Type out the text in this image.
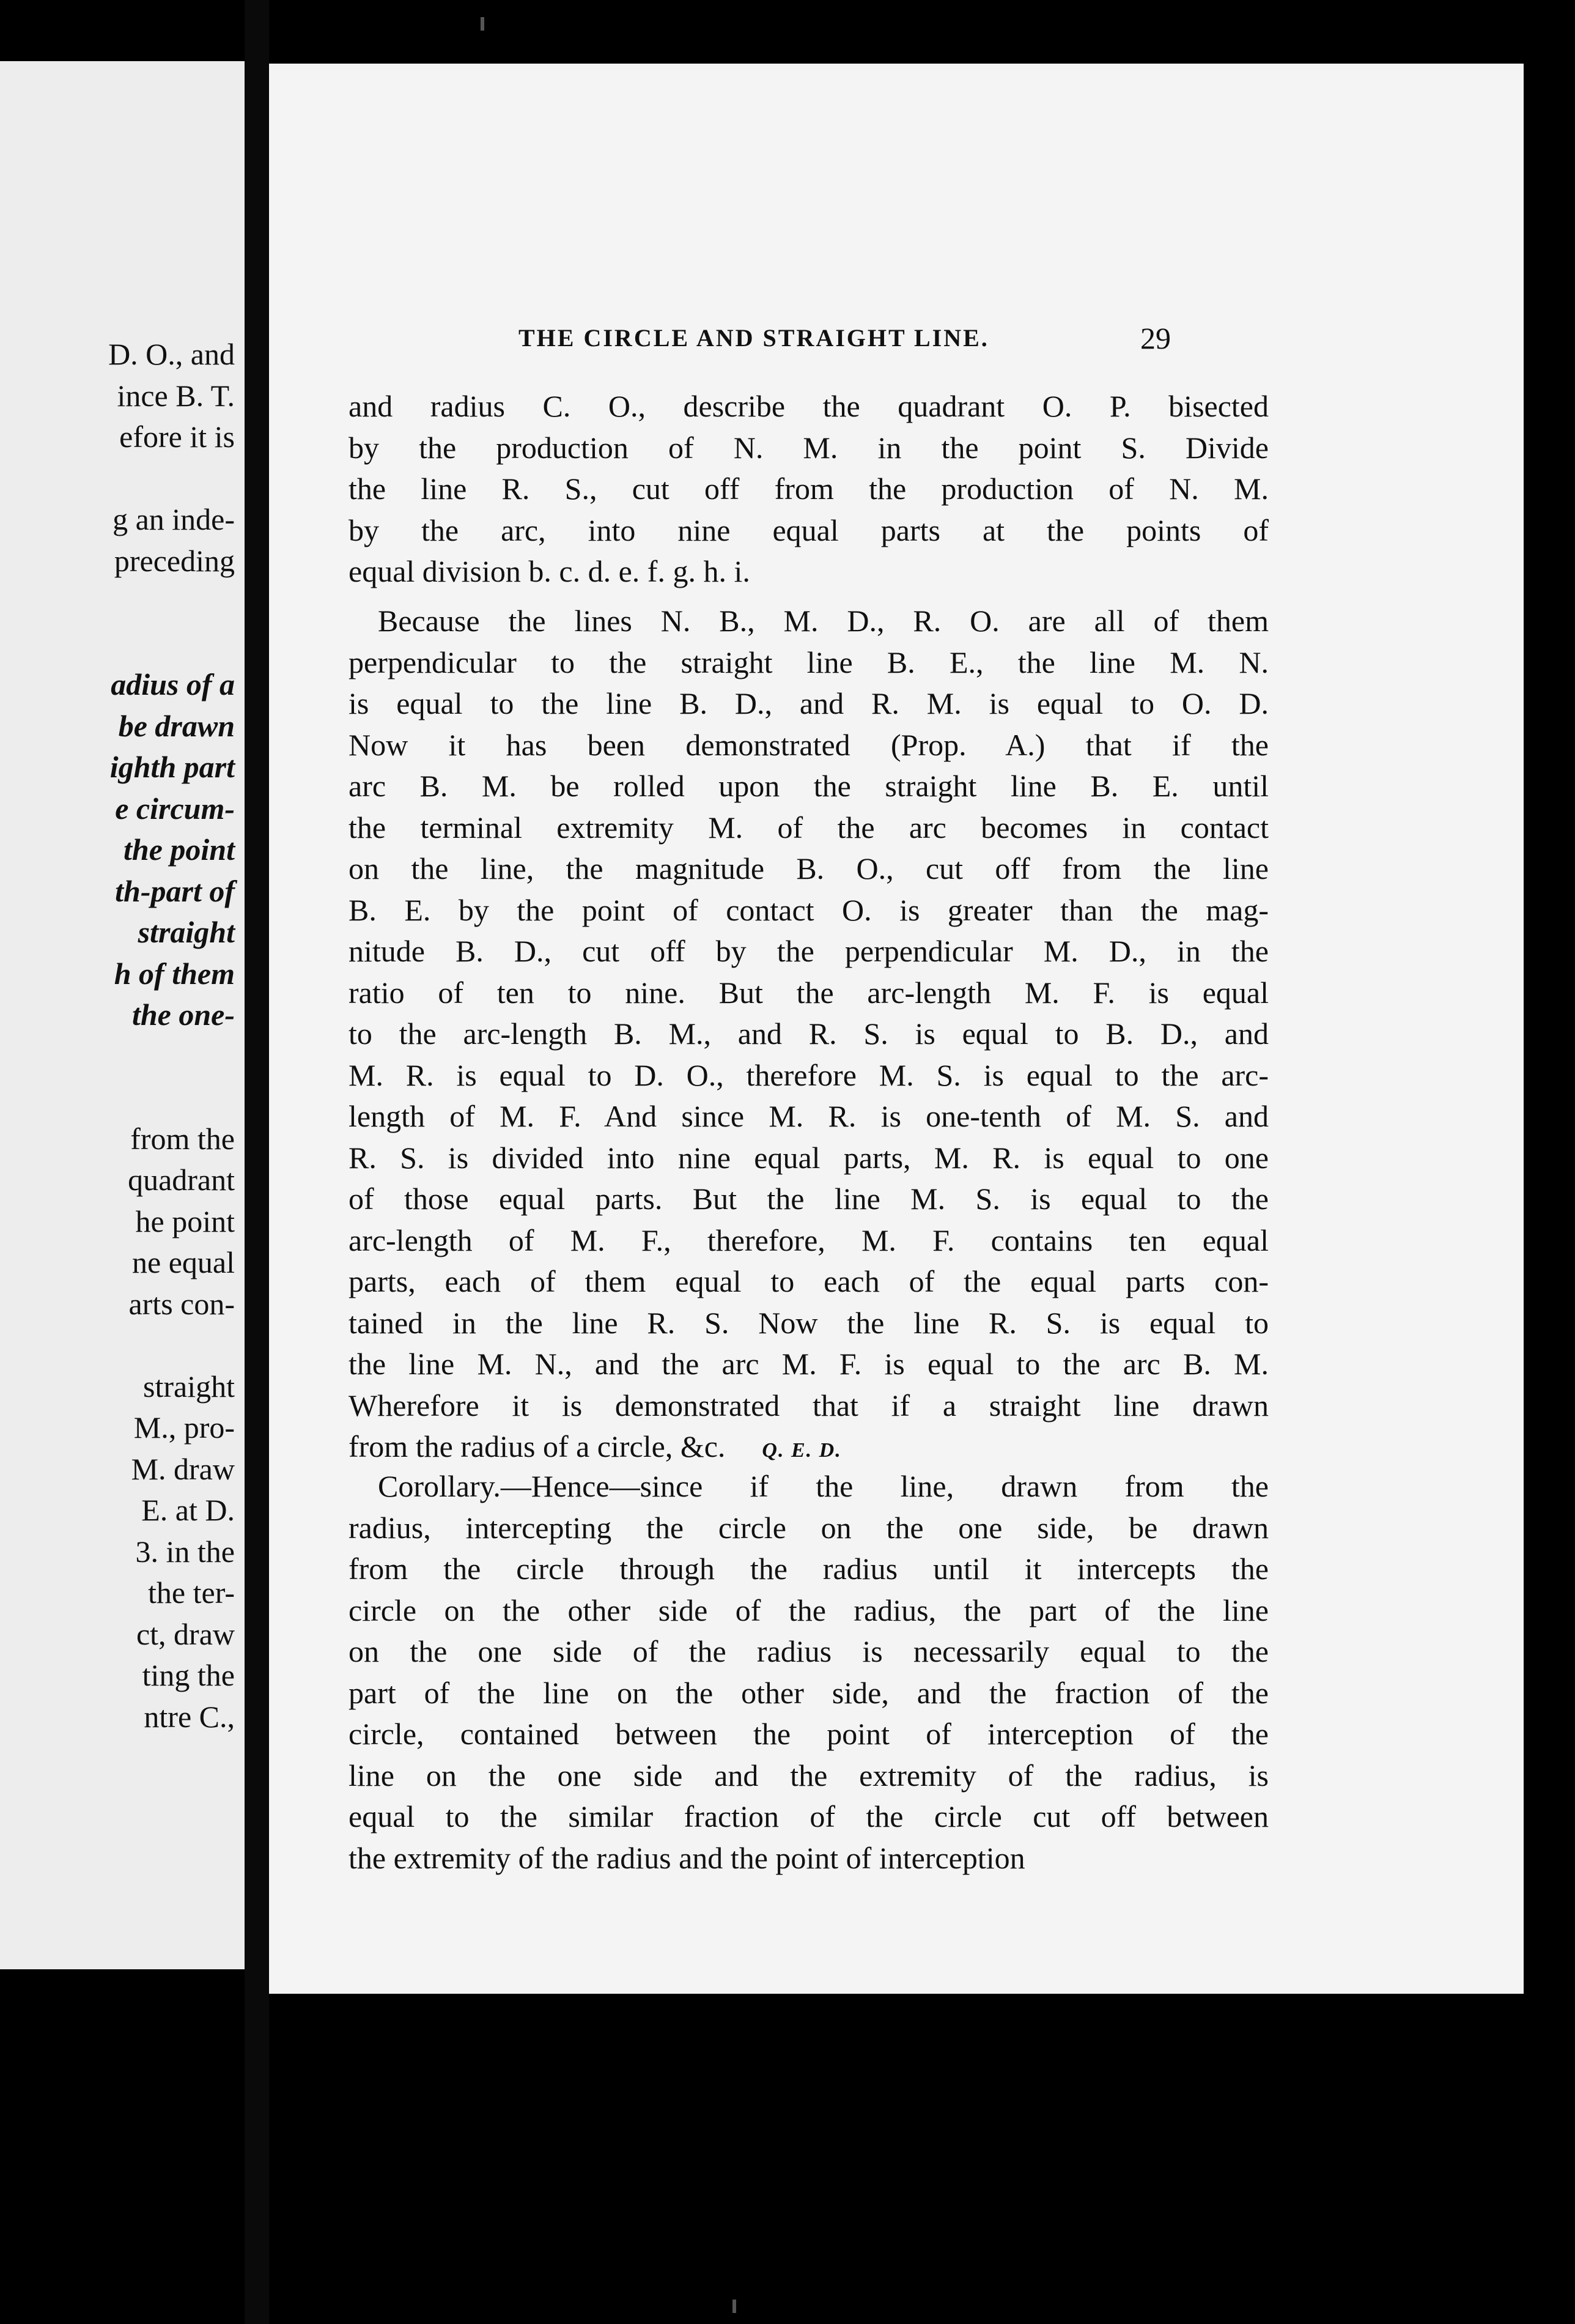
D. O., and
ince B. T.
efore it is
g an inde-
preceding
adius of a
be drawn
ighth part
e circum-
the point
th-part of
straight
h of them
the one-
from the
quadrant
he point
ne equal
arts con-
straight
M., pro-
M. draw
E. at D.
3. in the
the ter-
ct, draw
ting the
ntre C.,
THE CIRCLE AND STRAIGHT LINE.	29
and radius C. O., describe the quadrant O. P. bisected
by the production of N. M. in the point S. Divide
the line R. S., cut off from the production of N. M.
by the arc, into nine equal parts at the points of
equal division b. c. d. e. f. g. h. i.
Because the lines N. B., M. D., R. O. are all of them
perpendicular to the straight line B. E., the line M. N.
is equal to the line B. D., and R. M. is equal to O. D.
Now it has been demonstrated (Prop. A.) that if the
arc B. M. be rolled upon the straight line B. E. until
the terminal extremity M. of the arc becomes in contact
on the line, the magnitude B. O., cut off from the line
B. E. by the point of contact O. is greater than the mag-
nitude B. D., cut off by the perpendicular M. D., in the
ratio of ten to nine. But the arc-length M. F. is equal
to the arc-length B. M., and R. S. is equal to B. D., and
M. R. is equal to D. O., therefore M. S. is equal to the arc-
length of M. F. And since M. R. is one-tenth of M. S. and
R. S. is divided into nine equal parts, M. R. is equal to one
of those equal parts. But the line M. S. is equal to the
arc-length of M. F., therefore, M. F. contains ten equal
parts, each of them equal to each of the equal parts con-
tained in the line R. S. Now the line R. S. is equal to
the line M. N., and the arc M. F. is equal to the arc B. M.
Wherefore it is demonstrated that if a straight line drawn
from the radius of a circle, &c. Q. E. D.
Corollary.—Hence—since if the line, drawn from the
radius, intercepting the circle on the one side, be drawn
from the circle through the radius until it intercepts the
circle on the other side of the radius, the part of the line
on the one side of the radius is necessarily equal to the
part of the line on the other side, and the fraction of the
circle, contained between the point of interception of the
line on the one side and the extremity of the radius, is
equal to the similar fraction of the circle cut off between
the extremity of the radius and the point of interception
